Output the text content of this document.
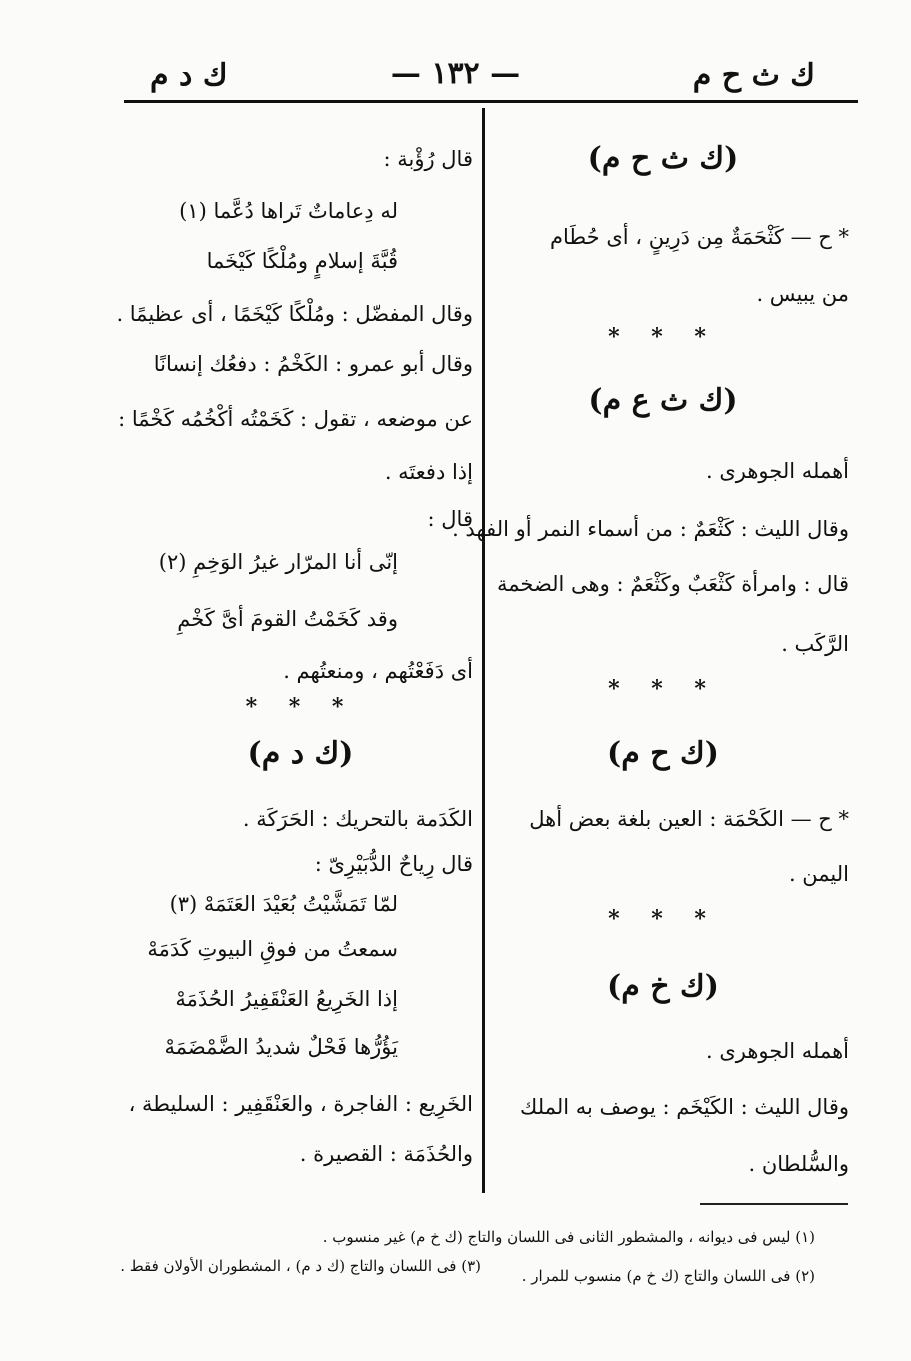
ك ث ح م
— ١٣٢ —
ك د م
(ك ث ح م)
* ح — كَثْحَمَةٌ مِن دَرِينٍ ، أى حُطَام
من يبيس .
* * *
(ك ث ع م)
أهمله الجوهرى .
وقال الليث : كَثْعَمٌ : من أسماء النمر أو الفهد .
قال : وامرأة كَثْعَبٌ وكَثْعَمٌ : وهى الضخمة
الرَّكَب .
* * *
(ك ح م)
* ح — الكَحْمَة : العين بلغة بعض أهل
اليمن .
* * *
(ك خ م)
أهمله الجوهرى .
وقال الليث : الكَيْخَم : يوصف به الملك
والسُّلطان .
قال رُؤْبة :
له دِعاماتٌ تَراها دُعَّما (١)
قُبَّةَ إسلامٍ ومُلْكًا كَيْخَما
وقال المفضّل : ومُلْكًا كَيْخَمًا ، أى عظيمًا .
وقال أبو عمرو : الكَخْمُ : دفعُك إنسانًا
عن موضعه ، تقول : كَخَمْتُه أكْخُمُه كَخْمًا :
إذا دفعتَه .
قال :
إنّى أنا المرّار غيرُ الوَخِمِ (٢)
وقد كَخَمْتُ القومَ أىَّ كَخْمِ
أى دَفَعْتُهم ، ومنعتُهم .
* * *
(ك د م)
الكَدَمة بالتحريك : الحَرَكَة .
قال رِياحٌ الدُّبَيْرِىّ :
لمّا تَمَشَّيْتُ بُعَيْدَ العَتَمَهْ (٣)
سمعتُ من فوقِ البيوتِ كَدَمَهْ
إذا الخَرِيعُ العَنْقَفِيرُ الحُذَمَهْ
يَؤُرُّها فَحْلٌ شديدُ الضَّمْضَمَهْ
الخَرِيع : الفاجرة ، والعَنْقَفِير : السليطة ،
والحُذَمَة : القصيرة .
(١) ليس فى ديوانه ، والمشطور الثانى فى اللسان والتاج (ك خ م) غير منسوب .
(٢) فى اللسان والتاج (ك خ م) منسوب للمرار .
(٣) فى اللسان والتاج (ك د م) ، المشطوران الأولان فقط .
